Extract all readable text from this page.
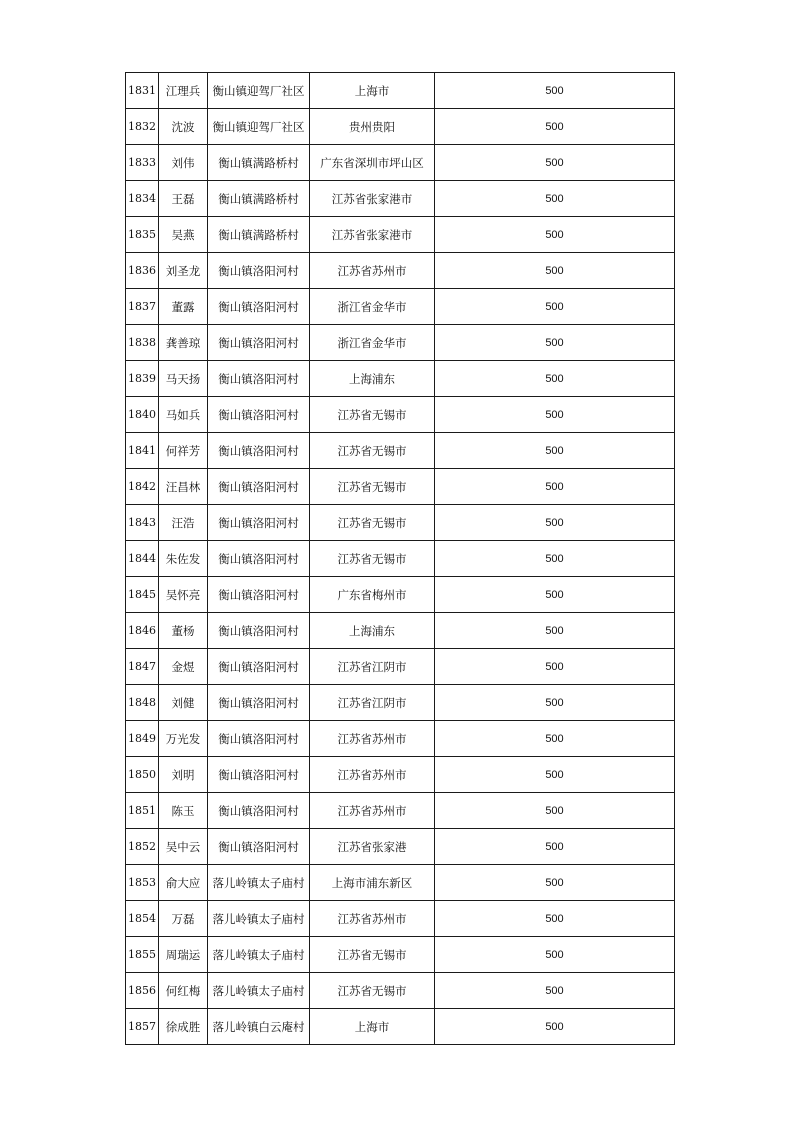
1831	江理兵	衡山镇迎驾厂社区	上海市	500
1832	沈波	衡山镇迎驾厂社区	贵州贵阳	500
1833	刘伟	衡山镇满路桥村	广东省深圳市坪山区	500
1834	王磊	衡山镇满路桥村	江苏省张家港市	500
1835	吴燕	衡山镇满路桥村	江苏省张家港市	500
1836	刘圣龙	衡山镇洛阳河村	江苏省苏州市	500
1837	董露	衡山镇洛阳河村	浙江省金华市	500
1838	龚善琼	衡山镇洛阳河村	浙江省金华市	500
1839	马天扬	衡山镇洛阳河村	上海浦东	500
1840	马如兵	衡山镇洛阳河村	江苏省无锡市	500
1841	何祥芳	衡山镇洛阳河村	江苏省无锡市	500
1842	汪昌林	衡山镇洛阳河村	江苏省无锡市	500
1843	汪浩	衡山镇洛阳河村	江苏省无锡市	500
1844	朱佐发	衡山镇洛阳河村	江苏省无锡市	500
1845	吴怀亮	衡山镇洛阳河村	广东省梅州市	500
1846	董杨	衡山镇洛阳河村	上海浦东	500
1847	金煜	衡山镇洛阳河村	江苏省江阴市	500
1848	刘健	衡山镇洛阳河村	江苏省江阴市	500
1849	万光发	衡山镇洛阳河村	江苏省苏州市	500
1850	刘明	衡山镇洛阳河村	江苏省苏州市	500
1851	陈玉	衡山镇洛阳河村	江苏省苏州市	500
1852	吴中云	衡山镇洛阳河村	江苏省张家港	500
1853	俞大应	落儿岭镇太子庙村	上海市浦东新区	500
1854	万磊	落儿岭镇太子庙村	江苏省苏州市	500
1855	周瑞运	落儿岭镇太子庙村	江苏省无锡市	500
1856	何红梅	落儿岭镇太子庙村	江苏省无锡市	500
1857	徐成胜	落儿岭镇白云庵村	上海市	500
